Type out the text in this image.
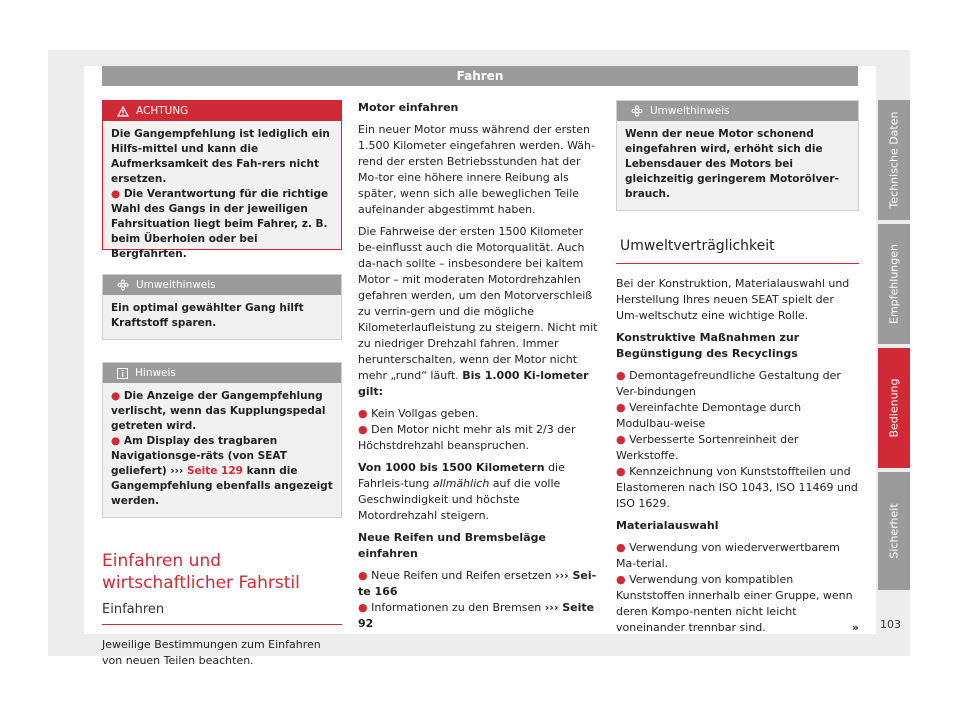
Fahren
ACHTUNG
Die Gangempfehlung ist lediglich ein Hilfs-mittel und kann die Aufmerksamkeit des Fah-rers nicht ersetzen.
● Die Verantwortung für die richtige Wahl des Gangs in der jeweiligen Fahrsituation liegt beim Fahrer, z. B. beim Überholen oder bei Bergfahrten.
Umwelthinweis
Ein optimal gewählter Gang hilft Kraftstoff sparen.
Hinweis
● Die Anzeige der Gangempfehlung verlischt, wenn das Kupplungspedal getreten wird.
● Am Display des tragbaren Navigationsge-räts (von SEAT geliefert) ››› Seite 129 kann die Gangempfehlung ebenfalls angezeigt werden.
Einfahren und wirtschaftlicher Fahrstil
Einfahren

Jeweilige Bestimmungen zum Einfahren von neuen Teilen beachten.

Motor einfahren

Ein neuer Motor muss während der ersten 1.500 Kilometer eingefahren werden. Wäh-rend der ersten Betriebsstunden hat der Mo-tor eine höhere innere Reibung als später, wenn sich alle beweglichen Teile aufeinander abgestimmt haben.

Die Fahrweise der ersten 1500 Kilometer be-einflusst auch die Motorqualität. Auch da-nach sollte – insbesondere bei kaltem Motor – mit moderaten Motordrehzahlen gefahren werden, um den Motorverschleiß zu verrin-gern und die mögliche Kilometerlaufleistung zu steigern. Nicht mit zu niedriger Drehzahl fahren. Immer herunterschalten, wenn der Motor nicht mehr „rund“ läuft. Bis 1.000 Ki-lometer gilt:

● Kein Vollgas geben.

● Den Motor nicht mehr als mit 2/3 der Höchstdrehzahl beanspruchen.

Von 1000 bis 1500 Kilometern die Fahrleis-tung allmählich auf die volle Geschwindigkeit und höchste Motordrehzahl steigern.

Neue Reifen und Bremsbeläge einfahren

● Neue Reifen und Reifen ersetzen ››› Sei-te 166
● Informationen zu den Bremsen ››› Seite 92
Umwelthinweis
Wenn der neue Motor schonend eingefahren wird, erhöht sich die Lebensdauer des Motors bei gleichzeitig geringerem Motorölver-brauch.
Umweltverträglichkeit

Bei der Konstruktion, Materialauswahl und Herstellung Ihres neuen SEAT spielt der Um-weltschutz eine wichtige Rolle.

Konstruktive Maßnahmen zur Begünstigung des Recyclings

● Demontagefreundliche Gestaltung der Ver-bindungen
● Vereinfachte Demontage durch Modulbau-weise
● Verbesserte Sortenreinheit der Werkstoffe.

● Kennzeichnung von Kunststoffteilen und Elastomeren nach ISO 1043, ISO 11469 und ISO 1629.

Materialauswahl

● Verwendung von wiederverwertbarem Ma-terial.
● Verwendung von kompatiblen Kunststoffen innerhalb einer Gruppe, wenn deren Kompo-nenten nicht leicht voneinander trennbar sind.	»
Technische Daten
Empfehlungen
Bedienung
Sicherheit
103
